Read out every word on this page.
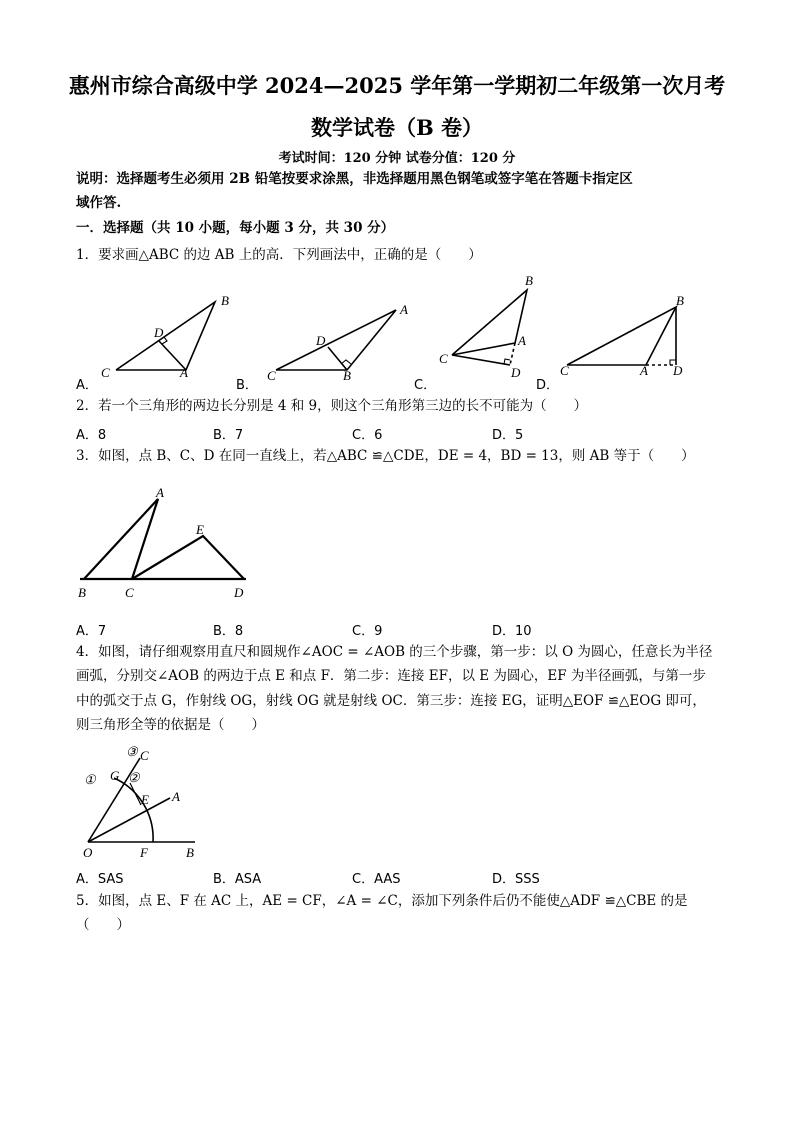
惠州市综合高级中学 2024—2025 学年第一学期初二年级第一次月考
数学试卷（B 卷）
考试时间：120 分钟 试卷分值：120 分
说明：选择题考生必须用 2B 铅笔按要求涂黑，非选择题用黑色钢笔或签字笔在答题卡指定区
域作答.
一．选择题（共 10 小题，每小题 3 分，共 30 分）
1．要求画△ABC 的边 AB 上的高．下列画法中，正确的是（　　）
B
D
C	A
A
D
C	B
B
A
C
D
B
C	A D
A．	B．	C．	D．
2．若一个三角形的两边长分别是 4 和 9，则这个三角形第三边的长不可能为（　　）
A．8	B．7	C．6	D．5
3．如图，点 B、C、D 在同一直线上，若△ABC ≌△CDE，DE = 4，BD = 13，则 AB 等于（　　）
A
E
B	C	D
A．7	B．8	C．9	D．10
4．如图，请仔细观察用直尺和圆规作∠AOC = ∠AOB 的三个步骤，第一步：以 O 为圆心，任意长为半径
画弧，分别交∠AOB 的两边于点 E 和点 F．第二步：连接 EF，以 E 为圆心，EF 为半径画弧，与第一步
中的弧交于点 G，作射线 OG，射线 OG 就是射线 OC．第三步：连接 EG，证明△EOF ≌△EOG 即可，
则三角形全等的依据是（　　）
③ C
① G ②
E A
O	F	B
A．SAS	B．ASA	C．AAS	D．SSS
5．如图，点 E、F 在 AC 上，AE = CF，∠A = ∠C，添加下列条件后仍不能使△ADF ≌△CBE 的是
（　　）
